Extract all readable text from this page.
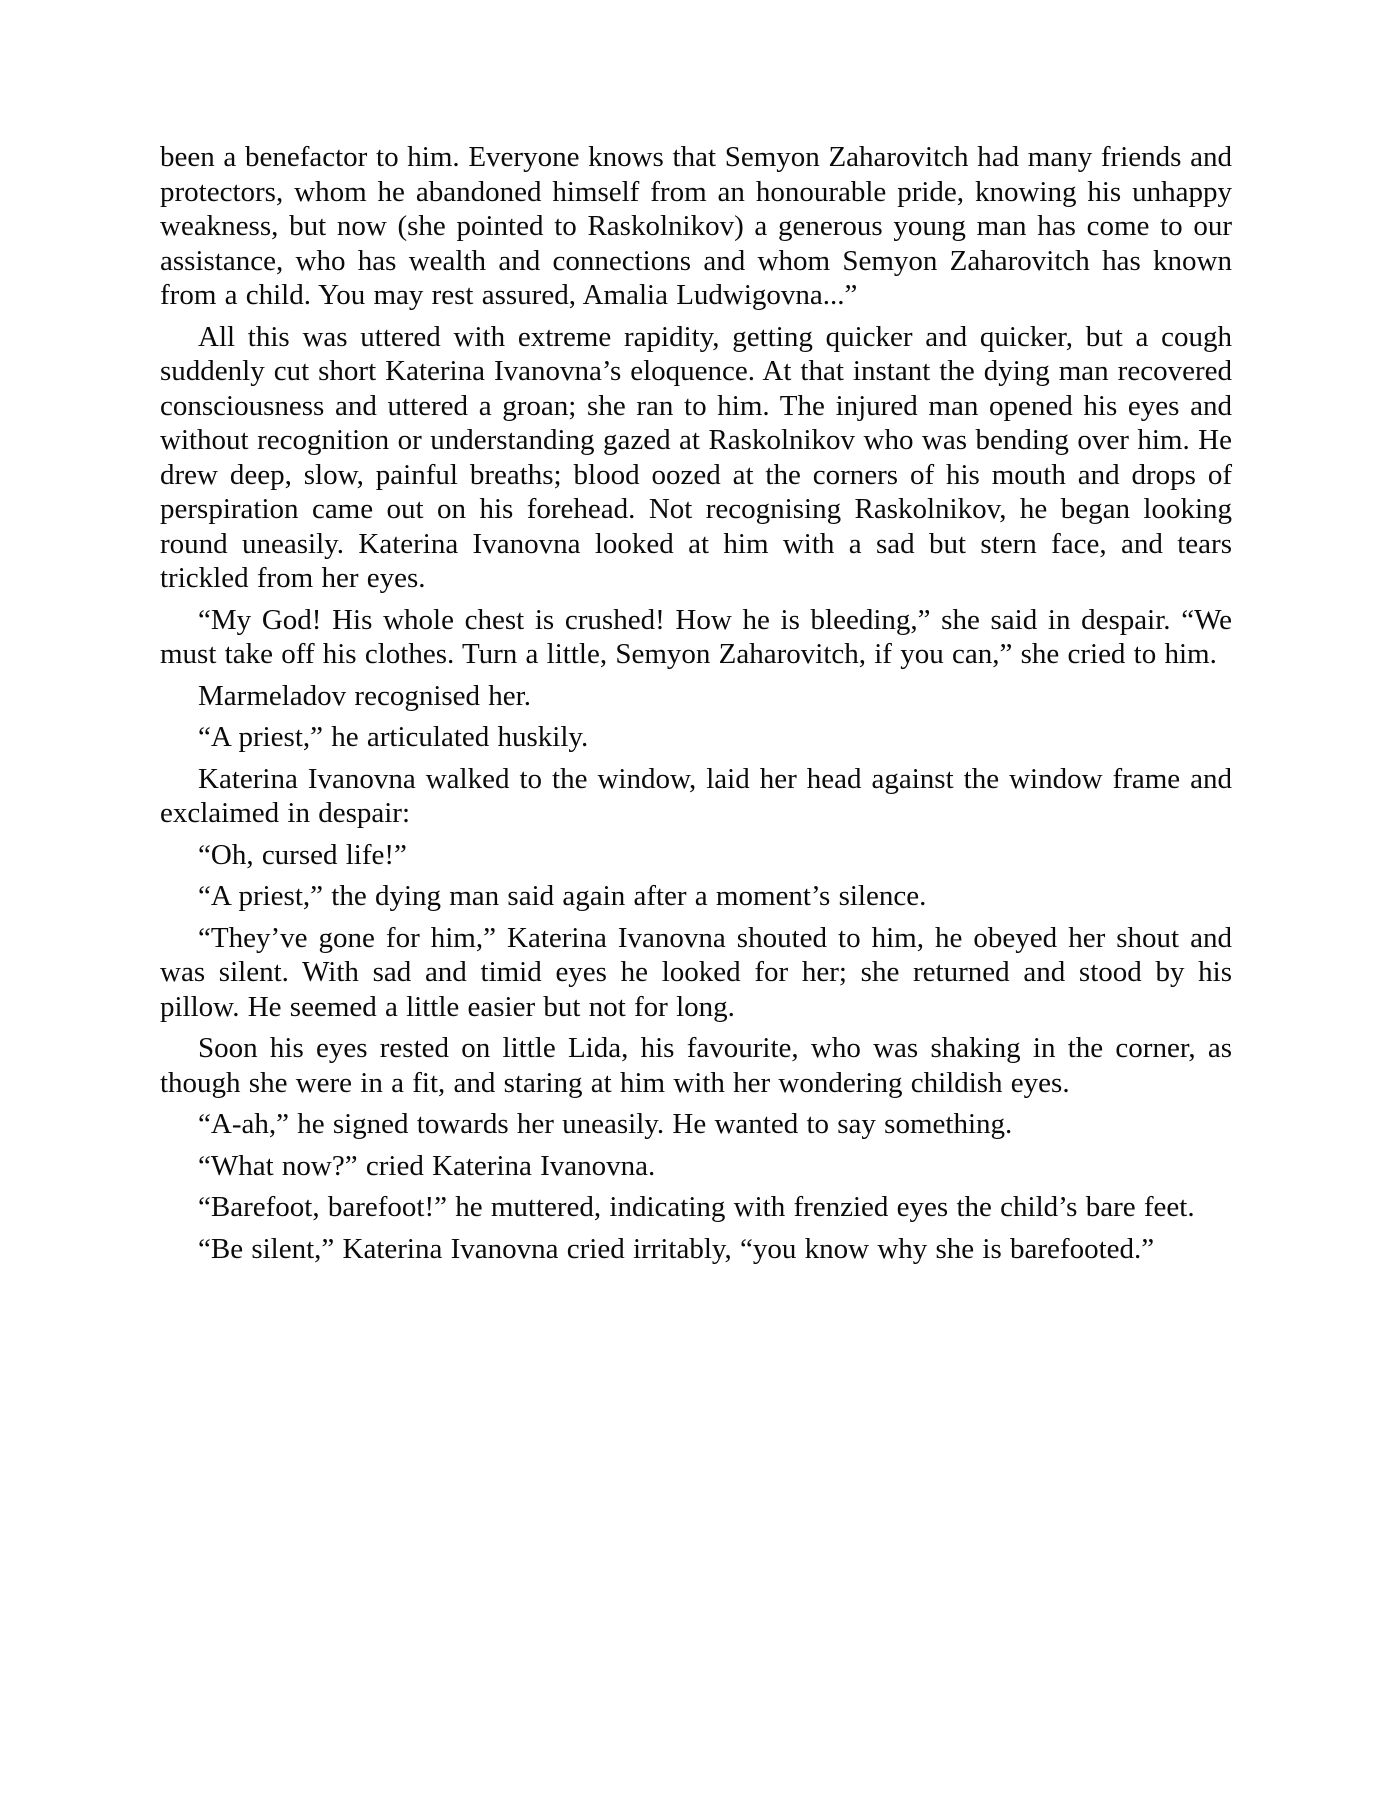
been a benefactor to him. Everyone knows that Semyon Zaharovitch had many friends and protectors, whom he abandoned himself from an honourable pride, knowing his unhappy weakness, but now (she pointed to Raskolnikov) a generous young man has come to our assistance, who has wealth and connections and whom Semyon Zaharovitch has known from a child. You may rest assured, Amalia Ludwigovna...”

All this was uttered with extreme rapidity, getting quicker and quicker, but a cough suddenly cut short Katerina Ivanovna’s eloquence. At that instant the dying man recovered consciousness and uttered a groan; she ran to him. The injured man opened his eyes and without recognition or understanding gazed at Raskolnikov who was bending over him. He drew deep, slow, painful breaths; blood oozed at the corners of his mouth and drops of perspiration came out on his forehead. Not recognising Raskolnikov, he began looking round uneasily. Katerina Ivanovna looked at him with a sad but stern face, and tears trickled from her eyes.

“My God! His whole chest is crushed! How he is bleeding,” she said in despair. “We must take off his clothes. Turn a little, Semyon Zaharovitch, if you can,” she cried to him.

Marmeladov recognised her.

“A priest,” he articulated huskily.

Katerina Ivanovna walked to the window, laid her head against the window frame and exclaimed in despair:

“Oh, cursed life!”

“A priest,” the dying man said again after a moment’s silence.

“They’ve gone for him,” Katerina Ivanovna shouted to him, he obeyed her shout and was silent. With sad and timid eyes he looked for her; she returned and stood by his pillow. He seemed a little easier but not for long.

Soon his eyes rested on little Lida, his favourite, who was shaking in the corner, as though she were in a fit, and staring at him with her wondering childish eyes.

“A-ah,” he signed towards her uneasily. He wanted to say something.

“What now?” cried Katerina Ivanovna.

“Barefoot, barefoot!” he muttered, indicating with frenzied eyes the child’s bare feet.

“Be silent,” Katerina Ivanovna cried irritably, “you know why she is barefooted.”
